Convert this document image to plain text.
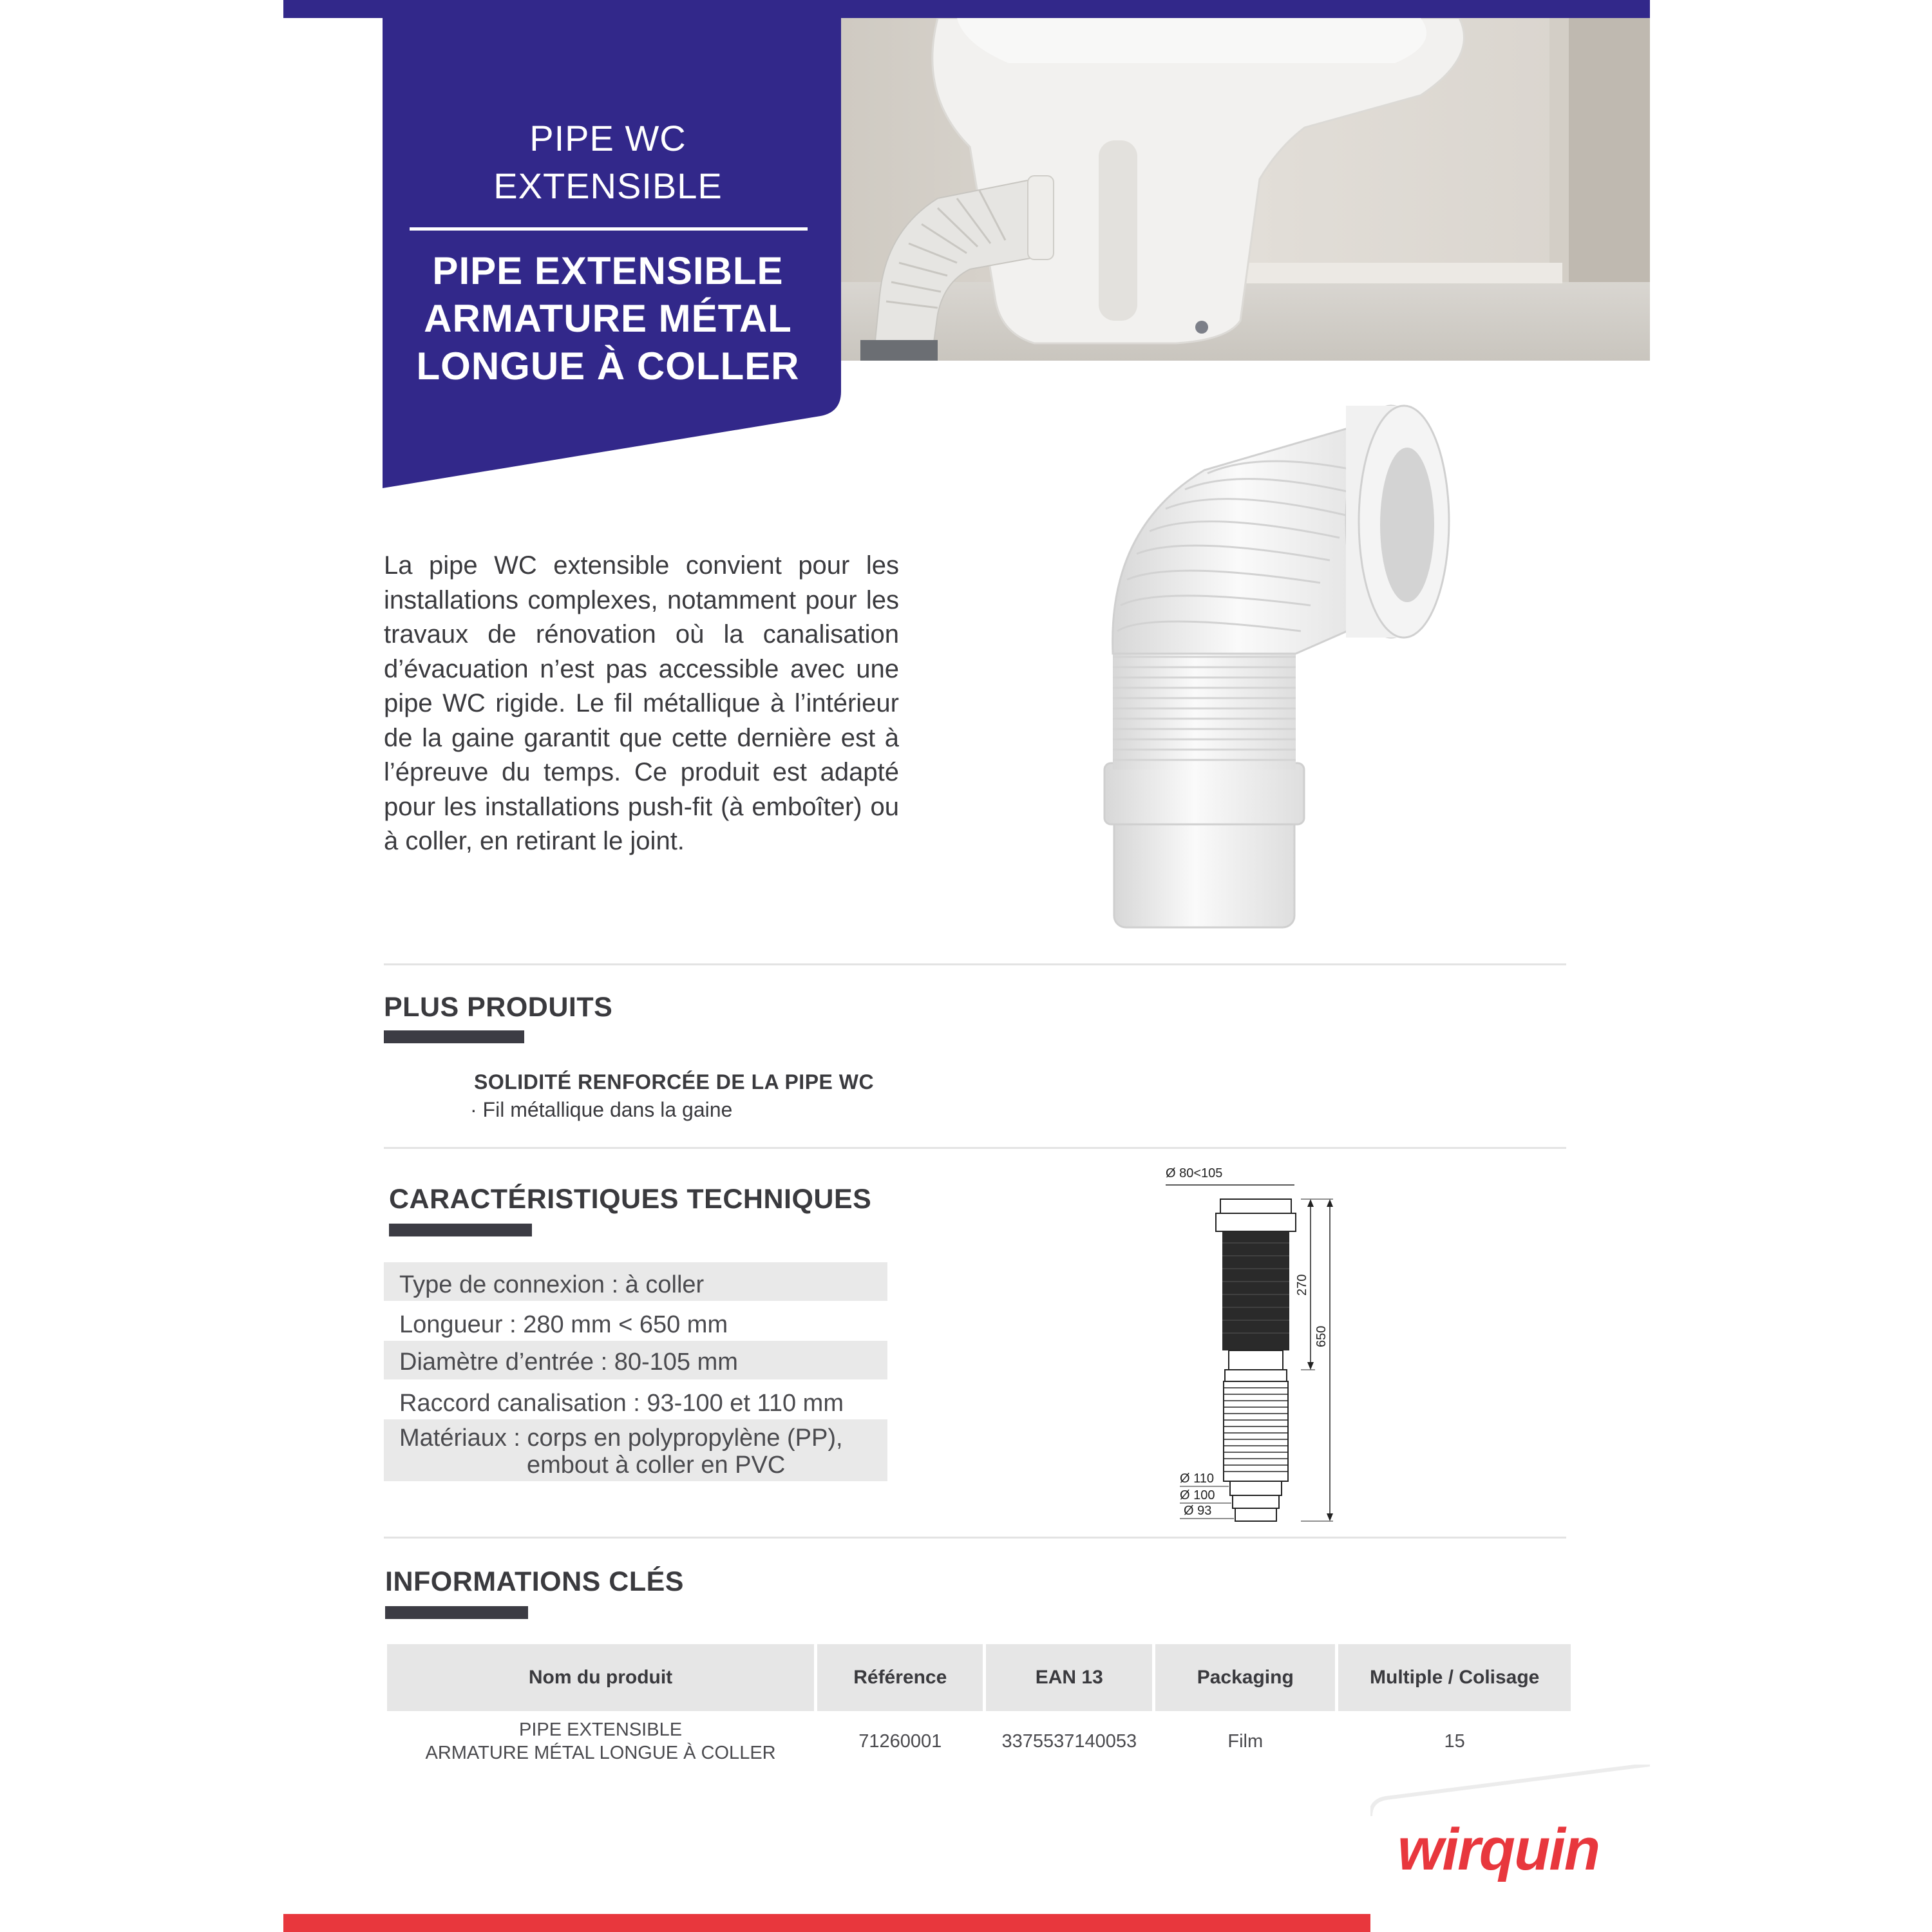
PIPE WC
EXTENSIBLE
PIPE EXTENSIBLE
ARMATURE MÉTAL
LONGUE À COLLER
La pipe WC extensible convient pour les installations complexes, notamment pour les travaux de rénovation où la canalisation d’évacuation n’est pas accessible avec une pipe WC rigide. Le fil métallique à l’intérieur de la gaine garantit que cette dernière est à l’épreuve du temps. Ce produit est adapté pour les installations push-fit (à emboîter) ou à coller, en retirant le joint.
PLUS PRODUITS
SOLIDITÉ RENFORCÉE DE LA PIPE WC
· Fil métallique dans la gaine
CARACTÉRISTIQUES TECHNIQUES
Type de connexion : à coller
Longueur : 280 mm < 650 mm
Diamètre d’entrée : 80-105 mm
Raccord canalisation : 93-100 et 110 mm
Matériaux : corps en polypropylène (PP),
embout à coller en PVC
Ø 80<105
270
650
Ø 110
Ø 100
Ø 93
INFORMATIONS CLÉS
Nom du produit	Référence	EAN 13	Packaging	Multiple / Colisage

PIPE EXTENSIBLE
ARMATURE MÉTAL LONGUE À COLLER	71260001	3375537140053	Film	15
wirquin
